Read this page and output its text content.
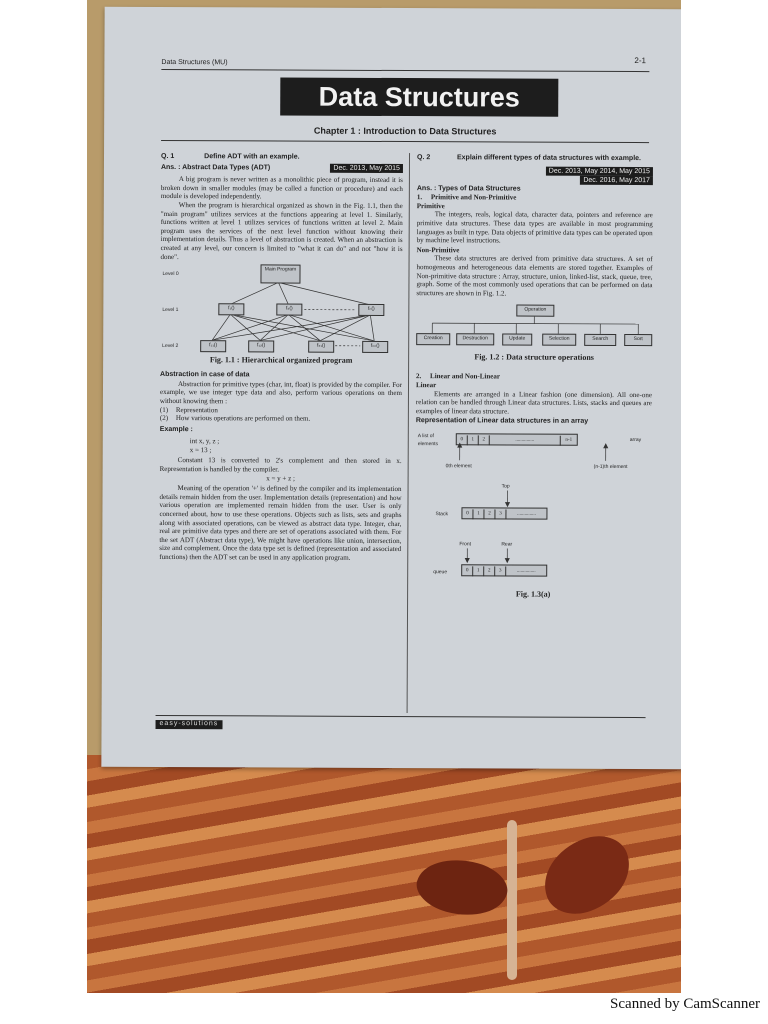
Data Structures (MU)	2-1
Data Structures
Chapter 1 : Introduction to Data Structures
Q. 1	Define ADT with an example.
Dec. 2013, May 2015
Ans. : Abstract Data Types (ADT)

A big program is never written as a monolithic piece of program, instead it is broken down in smaller modules (may be called a function or procedure) and each module is developed independently.

When the program is hierarchical organized as shown in the Fig. 1.1, then the "main program" utilizes services at the functions appearing at level 1. Similarly, functions written at level 1 utilizes services of functions written at level 2. Main program uses the services of the next level function without knowing their implementation details. Thus a level of abstraction is created. When an abstraction is created at any level, our concern is limited to "what it can do" and not "how it is done".

Level 0
Level 1
Level 2
Main Program
f₁()	f₂()	fₙ()
f₁₁()	f₁₂()	f₂₁()	fₙₙ()
Fig. 1.1 : Hierarchical organized program
Abstraction in case of data

Abstraction for primitive types (char, int, float) is provided by the compiler. For example, we use integer type data and also, perform various operations on them without knowing them :

(1) Representation
(2) How various operations are performed on them.
Example :
int x, y, z ;
x = 13 ;

Constant 13 is converted to 2's complement and then stored in x. Representation is handled by the compiler.

x = y + z ;

Meaning of the operation '+' is defined by the compiler and its implementation details remain hidden from the user. Implementation details (representation) and how various operation are implemented remain hidden from the user. User is only concerned about, how to use these operations. Objects such as lists, sets and graphs along with associated operations, can be viewed as abstract data type. Integer, char, real are primitive data types and there are set of operations associated with them. For the set ADT (Abstract data type), We might have operations like union, intersection, size and complement. Once the data type set is defined (representation and associated functions) then the ADT set can be used in any application program.

Q. 2	Explain different types of data structures with example.
Dec. 2013, May 2014, May 2015
Dec. 2016, May 2017
Ans. : Types of Data Structures
1.     Primitive and Non-Primitive
Primitive

The integers, reals, logical data, character data, pointers and reference are primitive data structures. These data types are available in most programming languages as built in type. Data objects of primitive data types can be operated upon by machine level instructions.

Non-Primitive

These data structures are derived from primitive data structures. A set of homogeneous and heterogeneous data elements are stored together. Examples of Non-primitive data structure : Array, structure, union, linked-list, stack, queue, tree, graph. Some of the most commonly used operations that can be performed on data structures are shown in Fig. 1.2.

Operation
Creation	Destruction	Update	Selection	Search	Sort
Fig. 1.2 : Data structure operations
2.     Linear and Non-Linear
Linear

Elements are arranged in a Linear fashion (one dimension). All one-one relation can be handled through Linear data structures. Lists, stacks and queues are examples of linear data structure.

Representation of Linear data structures in an array
A list of elements
array
0 1 2	...............	n-1
0th element	(n-1)th element
Top
Stack	0 1 2 3	...............
Front	Rear
queue	0 1 2 3	...............
Fig. 1.3(a)
easy-solutions
Scanned by CamScanner
